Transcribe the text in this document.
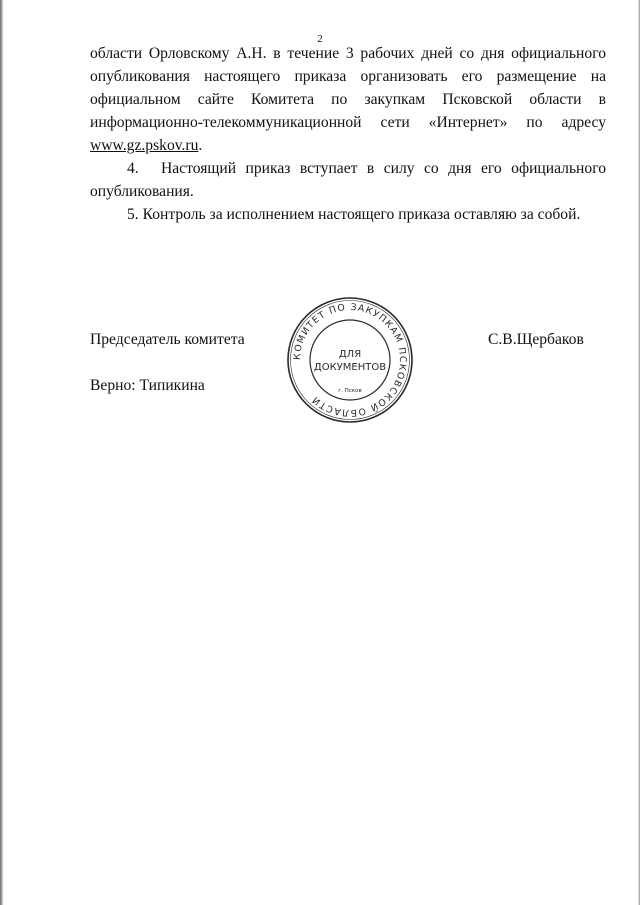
2

области Орловскому А.Н. в течение 3 рабочих дней со дня официального опубликования настоящего приказа организовать его размещение на официальном сайте Комитета по закупкам Псковской области в информационно-телекоммуникационной сети «Интернет» по адресу www.gz.pskov.ru.

4. Настоящий приказ вступает в силу со дня его официального опубликования.

5. Контроль за исполнением настоящего приказа оставляю за собой.

Председатель комитета	С.В.Щербаков
Верно: Типикина
КОМИТЕТ ПО ЗАКУПКАМ ПСКОВСКОЙ ОБЛАСТИ
ДЛЯ
ДОКУМЕНТОВ
г. Псков
